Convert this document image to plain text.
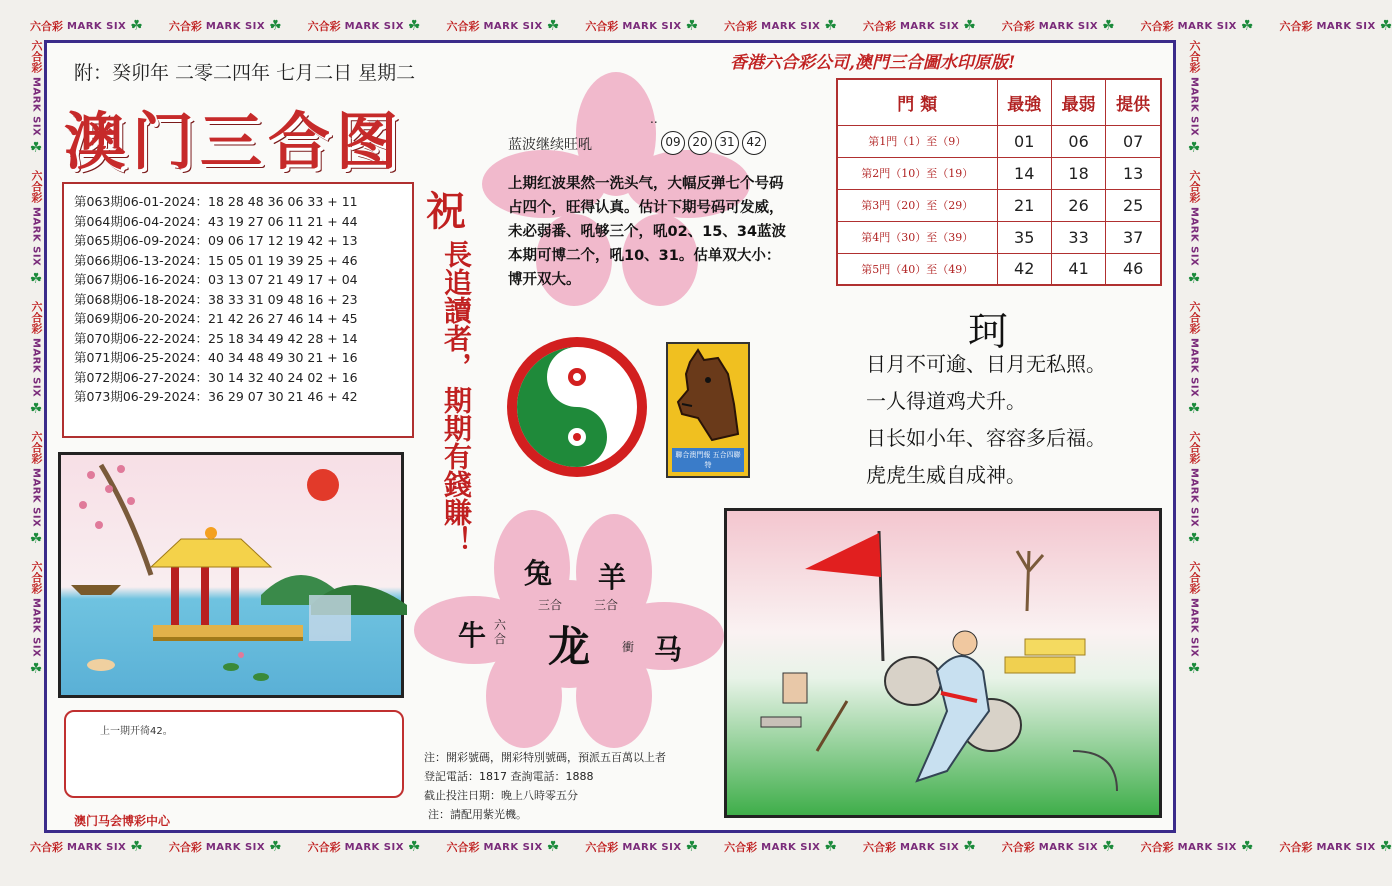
六合彩 MARK SIX ☘ 六合彩 MARK SIX ☘ 六合彩 MARK SIX ☘ 六合彩 MARK SIX ☘ 六合彩 MARK SIX ☘ 六合彩 MARK SIX ☘ 六合彩 MARK SIX ☘ 六合彩 MARK SIX ☘ 六合彩 MARK SIX ☘ 六合彩 MARK SIX ☘
六合彩 MARK SIX ☘ 六合彩 MARK SIX ☘ 六合彩 MARK SIX ☘ 六合彩 MARK SIX ☘ 六合彩 MARK SIX ☘ 六合彩 MARK SIX ☘ 六合彩 MARK SIX ☘ 六合彩 MARK SIX ☘ 六合彩 MARK SIX ☘ 六合彩 MARK SIX ☘
六合彩
MARK SIX
☘
六合彩
MARK SIX
☘
六合彩
MARK SIX
☘
六合彩
MARK SIX
☘
六合彩
MARK SIX
☘
六合彩
MARK SIX
☘
六合彩
MARK SIX
☘
六合彩
MARK SIX
☘
六合彩
MARK SIX
☘
六合彩
MARK SIX
☘
附：癸卯年 二零二四年 七月二日 星期二
澳门三合图
第063期06-01-2024：18 28 48 36 06 33 + 11
第064期06-04-2024：43 19 27 06 11 21 + 44
第065期06-09-2024：09 06 17 12 19 42 + 13
第066期06-13-2024：15 05 01 19 39 25 + 46
第067期06-16-2024：03 13 07 21 49 17 + 04
第068期06-18-2024：38 33 31 09 48 16 + 23
第069期06-20-2024：21 42 26 27 46 14 + 45
第070期06-22-2024：25 18 34 49 42 28 + 14
第071期06-25-2024：40 34 48 49 30 21 + 16
第072期06-27-2024：30 14 32 40 24 02 + 16
第073期06-29-2024：36 29 07 30 21 46 + 42
上一期开徛42。
澳门马会博彩中心
祝
長追讀者，
期期有錢賺！
..
蓝波继续旺吼	09 20 31 42
上期红波果然一洗头气，大幅反弹七个号码占四个，旺得认真。估计下期号码可发威，未必弱番、吼够三个，吼02、15、34蓝波本期可博二个，吼10、31。估单双大小：博开双大。
聯合澳門報 五合四聯特
兔 羊
三合	三合
牛 六合 龙	衝 马
注：開彩號碼，開彩特別號碼，預派五百萬以上者
登記電話：1817 查詢電話：1888
截止投注日期：晚上八時零五分
注：請配用紫光機。
香港六合彩公司,澳門三合圖水印原版!
門 類	最強	最弱	提供
第1門（1）至（9）	01	06	07
第2門（10）至（19）	14	18	13
第3門（20）至（29）	21	26	25
第4門（30）至（39）	35	33	37
第5門（40）至（49）	42	41	46
珂
日月不可逾、日月无私照。
一人得道鸡犬升。
日长如小年、容容多后福。
虎虎生威自成神。
